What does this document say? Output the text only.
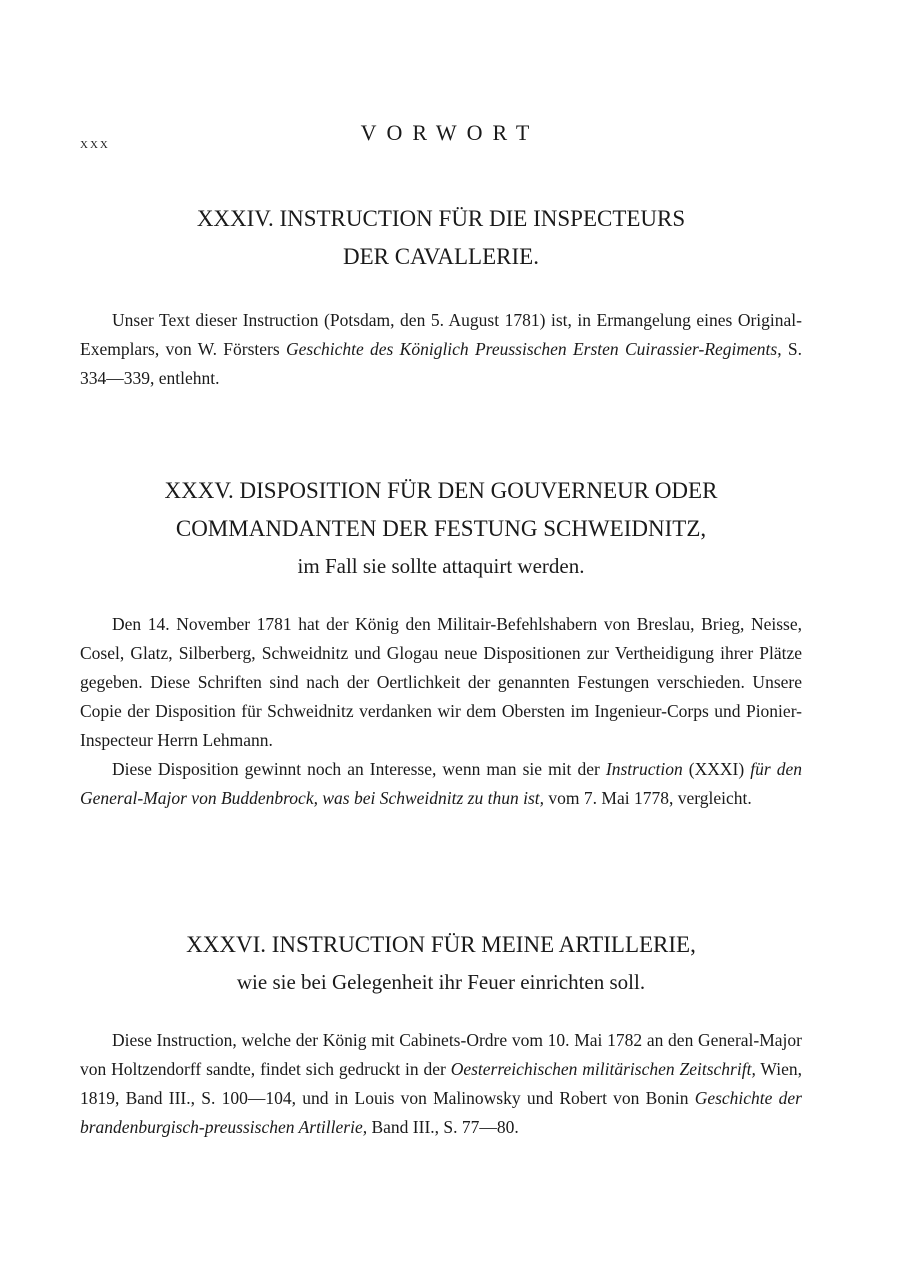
xxx	VORWORT

XXXIV. INSTRUCTION FÜR DIE INSPECTEURS

DER CAVALLERIE.

Unser Text dieser Instruction (Potsdam, den 5. August 1781) ist, in Ermangelung eines Original-Exemplars, von W. Försters Geschichte des Königlich Preussischen Ersten Cuirassier-Regiments, S. 334—339, entlehnt.

XXXV. DISPOSITION FÜR DEN GOUVERNEUR ODER

COMMANDANTEN DER FESTUNG SCHWEIDNITZ,

im Fall sie sollte attaquirt werden.

Den 14. November 1781 hat der König den Militair-Befehlshabern von Breslau, Brieg, Neisse, Cosel, Glatz, Silberberg, Schweidnitz und Glogau neue Dispositionen zur Vertheidigung ihrer Plätze gegeben. Diese Schriften sind nach der Oertlichkeit der genannten Festungen verschieden. Unsere Copie der Disposition für Schweidnitz verdanken wir dem Obersten im Ingenieur-Corps und Pionier-Inspecteur Herrn Lehmann.

Diese Disposition gewinnt noch an Interesse, wenn man sie mit der Instruction (XXXI) für den General-Major von Buddenbrock, was bei Schweidnitz zu thun ist, vom 7. Mai 1778, vergleicht.

XXXVI. INSTRUCTION FÜR MEINE ARTILLERIE,

wie sie bei Gelegenheit ihr Feuer einrichten soll.

Diese Instruction, welche der König mit Cabinets-Ordre vom 10. Mai 1782 an den General-Major von Holtzendorff sandte, findet sich gedruckt in der Oesterreichischen militärischen Zeitschrift, Wien, 1819, Band III., S. 100—104, und in Louis von Malinowsky und Robert von Bonin Geschichte der brandenburgisch-preussischen Artillerie, Band III., S. 77—80.
